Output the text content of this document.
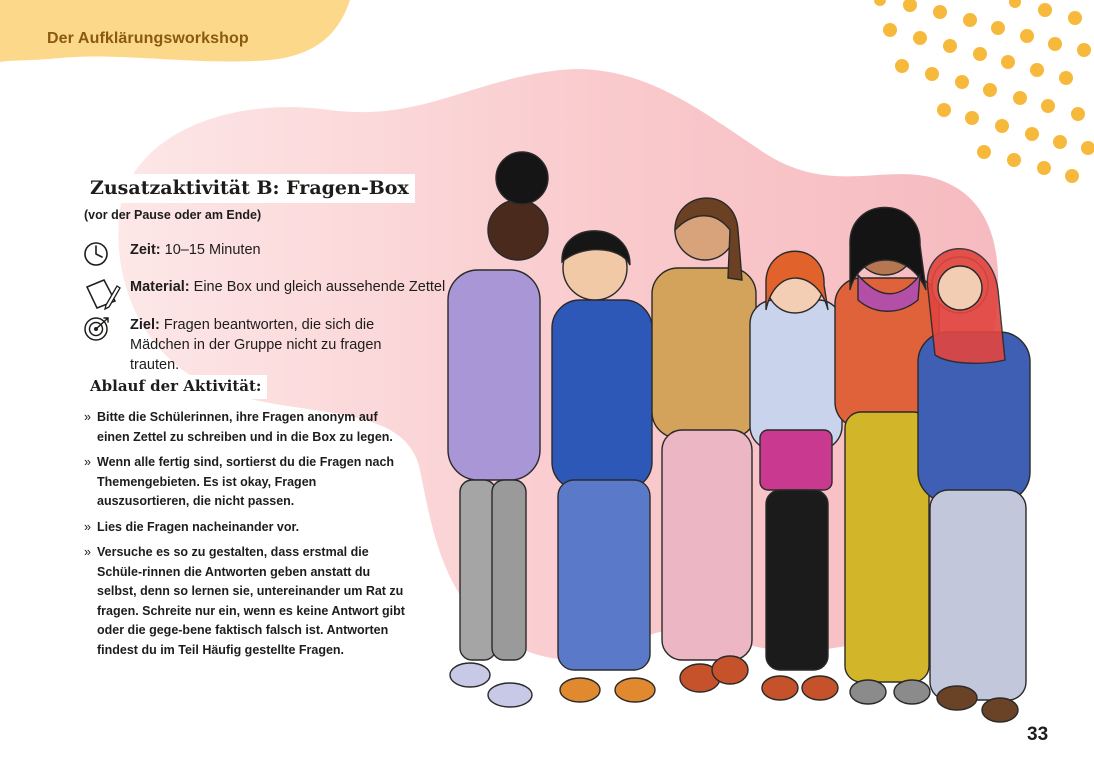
Der Aufklärungsworkshop
Zusatzaktivität B: Fragen-Box
(vor der Pause oder am Ende)
Zeit: 10–15 Minuten
Material: Eine Box und gleich aussehende Zettel
Ziel: Fragen beantworten, die sich die Mädchen in der Gruppe nicht zu fragen trauten.
Ablauf der Aktivität:
» Bitte die Schülerinnen, ihre Fragen anonym auf einen Zettel zu schreiben und in die Box zu legen.
» Wenn alle fertig sind, sortierst du die Fragen nach Themengebieten. Es ist okay, Fragen auszusortieren, die nicht passen.
» Lies die Fragen nacheinander vor.
» Versuche es so zu gestalten, dass erstmal die Schüle-rinnen die Antworten geben anstatt du selbst, denn so lernen sie, untereinander um Rat zu fragen. Schreite nur ein, wenn es keine Antwort gibt oder die gege-bene faktisch falsch ist. Antworten findest du im Teil Häufig gestellte Fragen.
33
